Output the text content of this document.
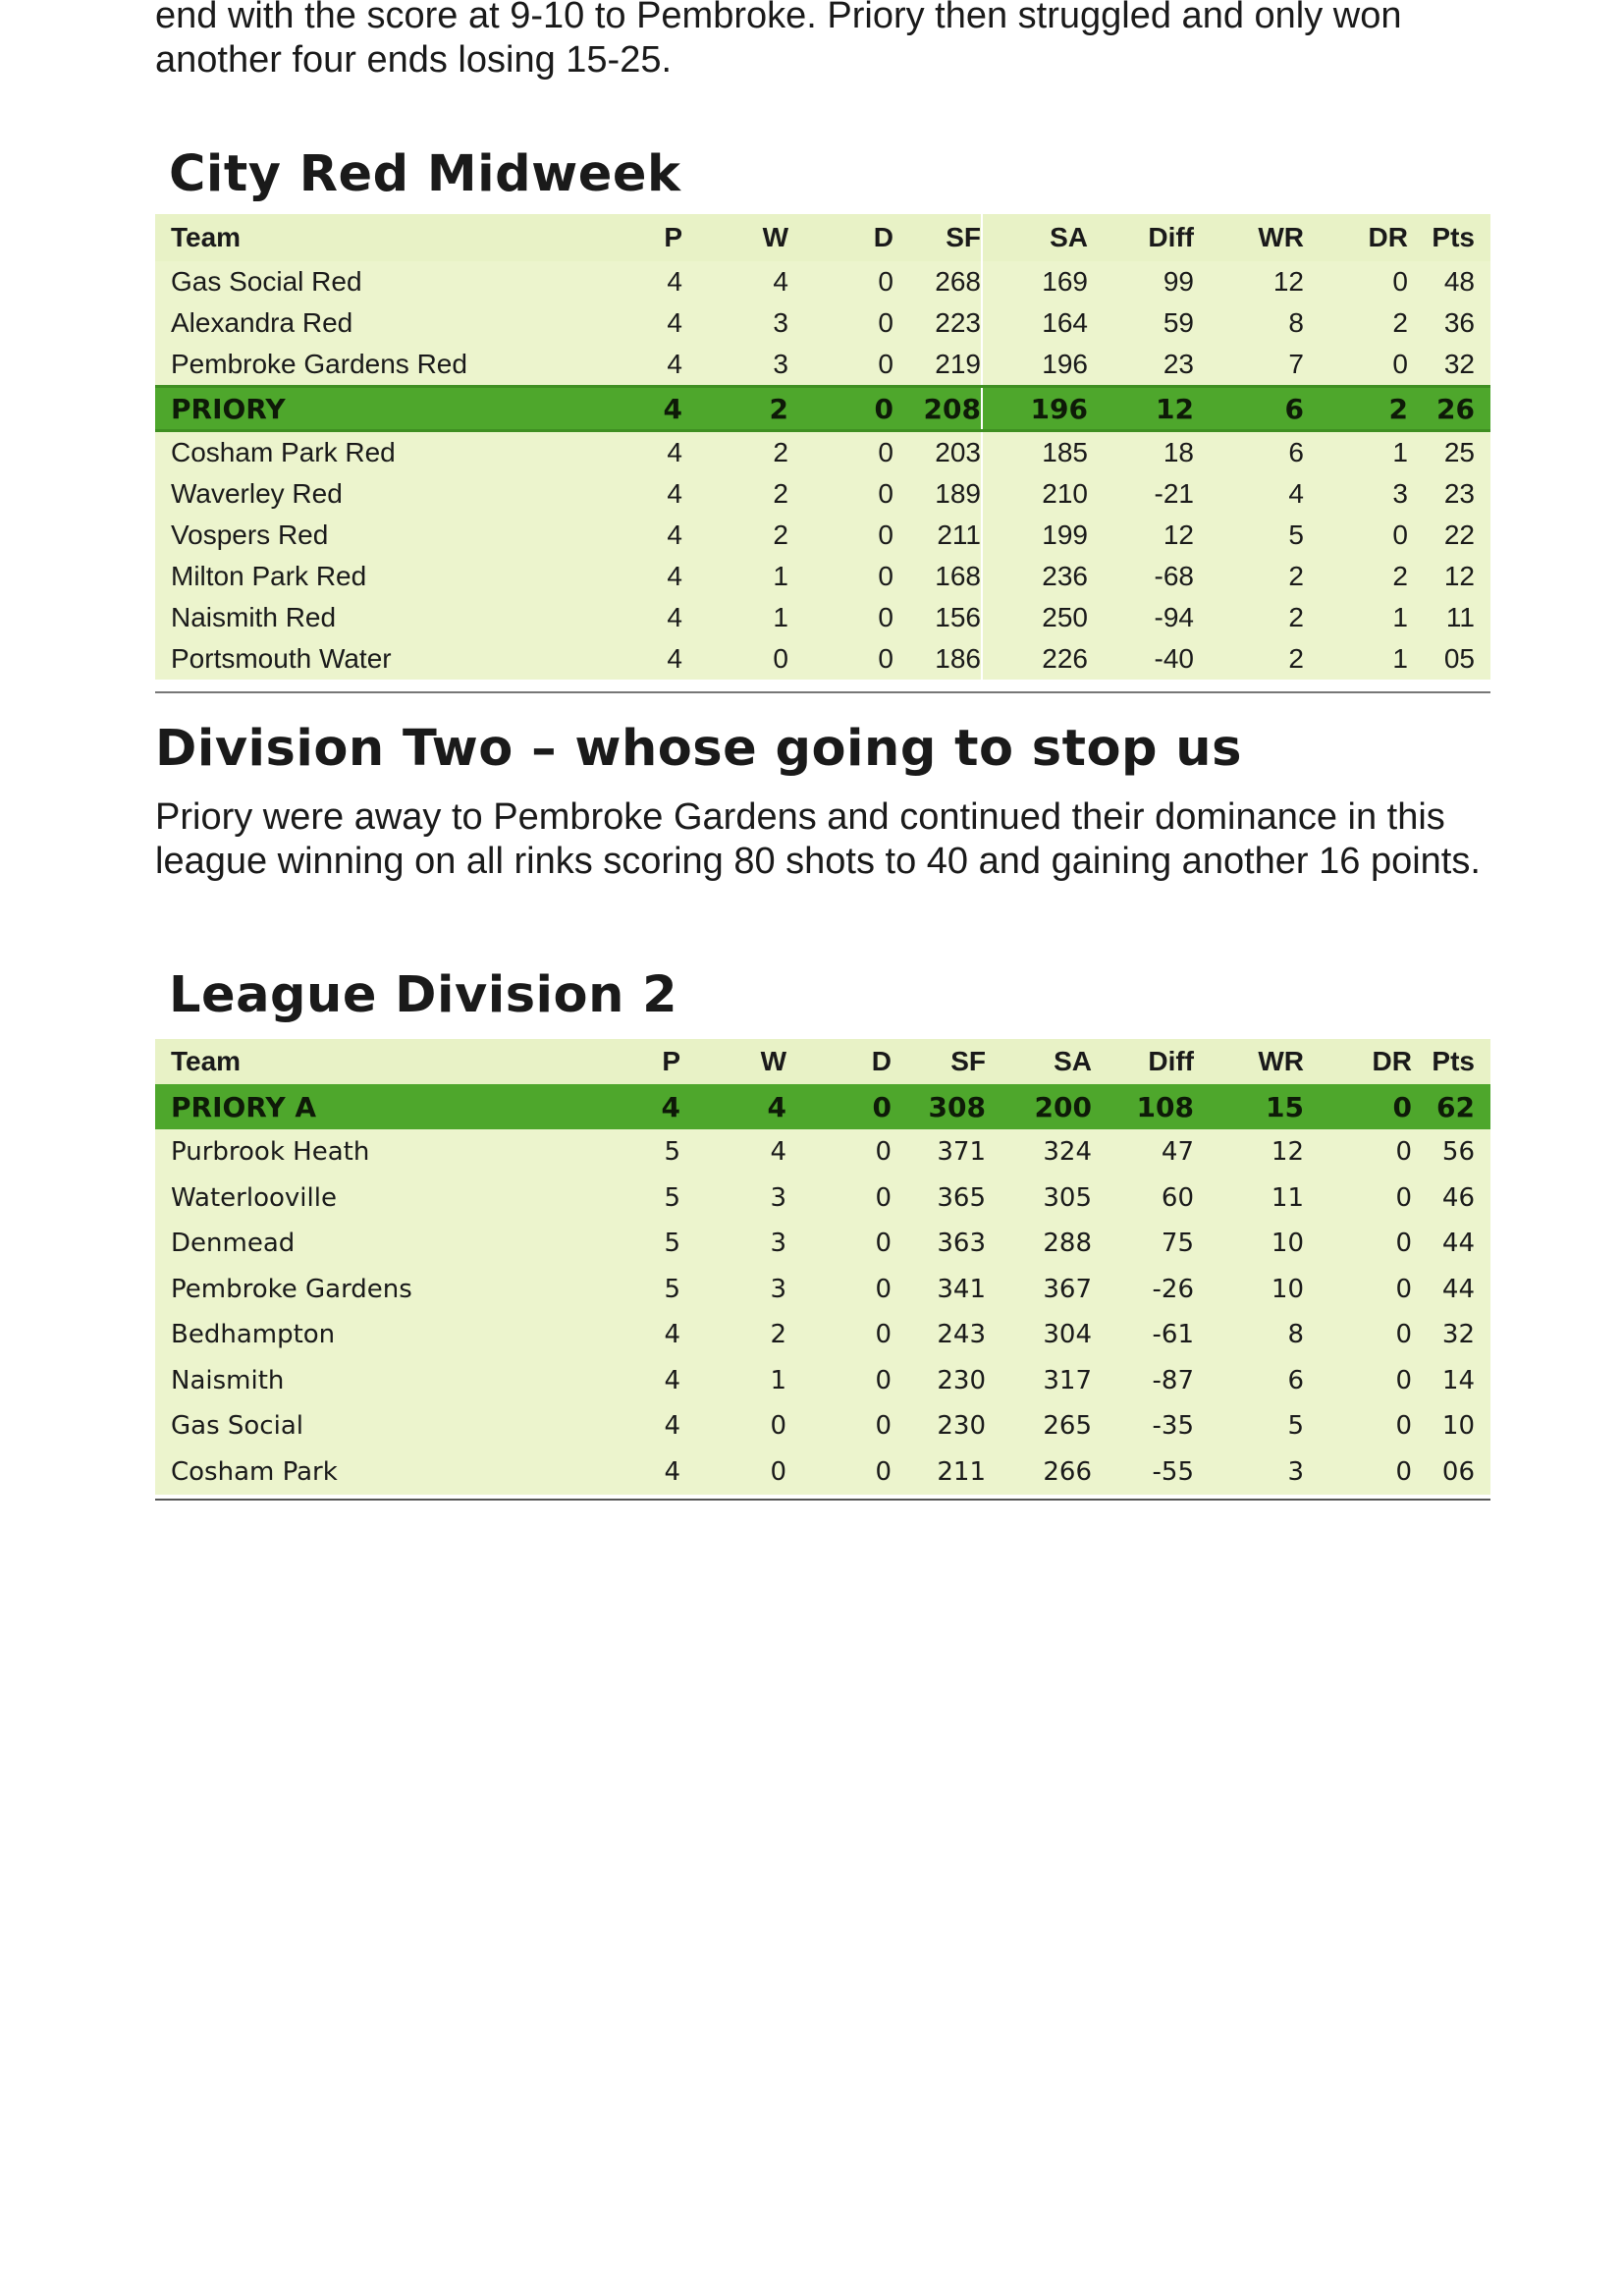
end with the score at 9-10 to Pembroke. Priory then struggled and only won another four ends losing 15-25.

City Red Midweek
Team	P	W	D	SF	SA	Diff	WR	DR	Pts
Gas Social Red	4	4	0	268	169	99	12	0	48
Alexandra Red	4	3	0	223	164	59	8	2	36
Pembroke Gardens Red	4	3	0	219	196	23	7	0	32
PRIORY	4	2	0	208	196	12	6	2	26
Cosham Park Red	4	2	0	203	185	18	6	1	25
Waverley Red	4	2	0	189	210	-21	4	3	23
Vospers Red	4	2	0	211	199	12	5	0	22
Milton Park Red	4	1	0	168	236	-68	2	2	12
Naismith Red	4	1	0	156	250	-94	2	1	11
Portsmouth Water	4	0	0	186	226	-40	2	1	05
Division Two – whose going to stop us

Priory were away to Pembroke Gardens and continued their dominance in this league winning on all rinks scoring 80 shots to 40 and gaining another 16 points.

League Division 2
Team	P	W	D	SF	SA	Diff	WR	DR	Pts
PRIORY A	4	4	0	308	200	108	15	0	62
Purbrook Heath	5	4	0	371	324	47	12	0	56
Waterlooville	5	3	0	365	305	60	11	0	46
Denmead	5	3	0	363	288	75	10	0	44
Pembroke Gardens	5	3	0	341	367	-26	10	0	44
Bedhampton	4	2	0	243	304	-61	8	0	32
Naismith	4	1	0	230	317	-87	6	0	14
Gas Social	4	0	0	230	265	-35	5	0	10
Cosham Park	4	0	0	211	266	-55	3	0	06
